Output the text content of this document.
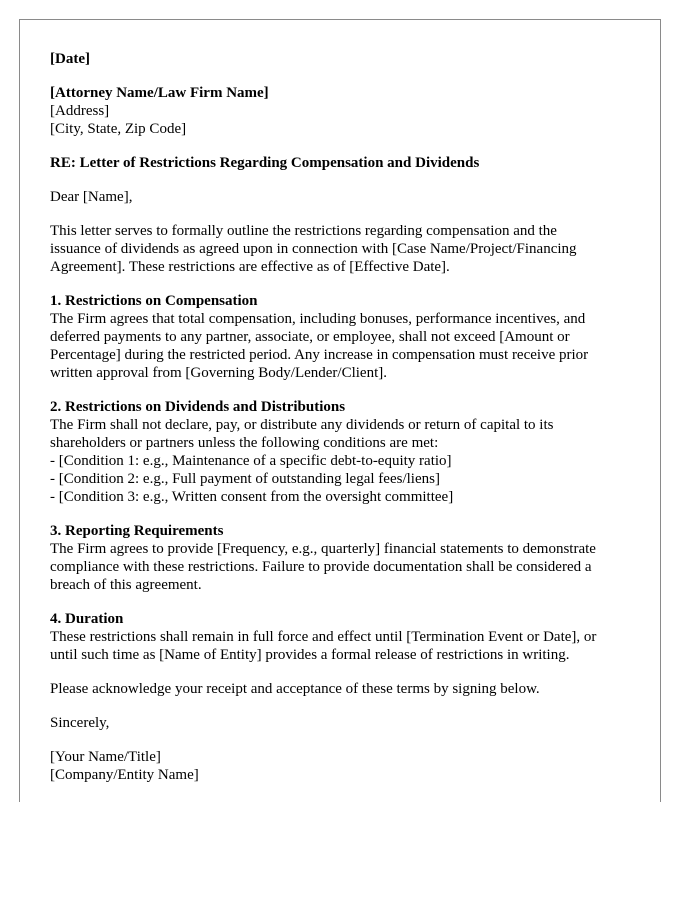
[Date]
[Attorney Name/Law Firm Name]
[Address]
[City, State, Zip Code]
RE: Letter of Restrictions Regarding Compensation and Dividends
Dear [Name],
This letter serves to formally outline the restrictions regarding compensation and the
issuance of dividends as agreed upon in connection with [Case Name/Project/Financing
Agreement]. These restrictions are effective as of [Effective Date].
1. Restrictions on Compensation
The Firm agrees that total compensation, including bonuses, performance incentives, and
deferred payments to any partner, associate, or employee, shall not exceed [Amount or
Percentage] during the restricted period. Any increase in compensation must receive prior
written approval from [Governing Body/Lender/Client].
2. Restrictions on Dividends and Distributions
The Firm shall not declare, pay, or distribute any dividends or return of capital to its
shareholders or partners unless the following conditions are met:
- [Condition 1: e.g., Maintenance of a specific debt-to-equity ratio]
- [Condition 2: e.g., Full payment of outstanding legal fees/liens]
- [Condition 3: e.g., Written consent from the oversight committee]
3. Reporting Requirements
The Firm agrees to provide [Frequency, e.g., quarterly] financial statements to demonstrate
compliance with these restrictions. Failure to provide documentation shall be considered a
breach of this agreement.
4. Duration
These restrictions shall remain in full force and effect until [Termination Event or Date], or
until such time as [Name of Entity] provides a formal release of restrictions in writing.
Please acknowledge your receipt and acceptance of these terms by signing below.
Sincerely,
[Your Name/Title]
[Company/Entity Name]
